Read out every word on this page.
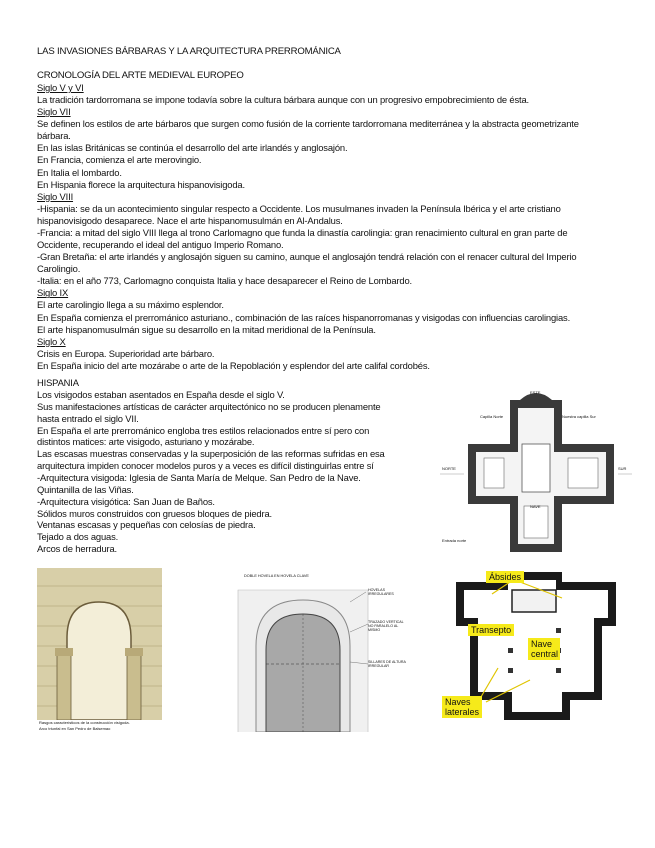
LAS INVASIONES BÁRBARAS Y LA ARQUITECTURA PRERROMÁNICA
CRONOLOGÍA DEL ARTE MEDIEVAL EUROPEO
Siglo V y VI
La tradición tardorromana se impone todavía sobre la cultura bárbara aunque con un progresivo empobrecimiento de ésta.
Siglo VII
Se definen los estilos de arte bárbaros que surgen como fusión de la corriente tardorromana mediterránea y la abstracta geometrizante
bárbara.
En las islas Británicas se continúa el desarrollo del arte irlandés y anglosajón.
En Francia, comienza el arte merovingio.
En Italia el lombardo.
En Hispania florece la arquitectura hispanovisigoda.
Siglo VIII
-Hispania: se da un acontecimiento singular respecto a Occidente. Los musulmanes invaden la Península Ibérica y el arte cristiano
hispanovisigodo desaparece. Nace el arte hispanomusulmán en Al-Andalus.
-Francia: a mitad del siglo VIII llega al trono Carlomagno que funda la dinastía carolingia: gran renacimiento cultural en gran parte de
Occidente, recuperando el ideal del antiguo Imperio Romano.
-Gran Bretaña: el arte irlandés y anglosajón siguen su camino, aunque el anglosajón tendrá relación con el renacer cultural del Imperio
Carolingio.
-Italia: en el año 773, Carlomagno conquista Italia y hace desaparecer el Reino de Lombardo.
Siglo IX
El arte carolingio llega a su máximo esplendor.
En España comienza el prerrománico asturiano., combinación de las raíces hispanorromanas y visigodas con influencias carolingias.
El arte hispanomusulmán sigue su desarrollo en la mitad meridional de la Península.
Siglo X
Crisis en Europa. Superioridad arte bárbaro.
En España inicio del arte mozárabe o arte de la Repoblación y esplendor del arte califal cordobés.
HISPANIA
Los visigodos estaban asentados en España desde el siglo V.
Sus manifestaciones artísticas de carácter arquitectónico no se producen plenamente
hasta entrado el siglo VII.
En España el arte prerrománico engloba tres estilos relacionados entre sí pero con
distintos matices: arte visigodo, asturiano y mozárabe.
Las escasas muestras conservadas y la superposición de las reformas sufridas en esa
arquitectura impiden conocer modelos puros y a veces es difícil distinguirlas entre sí
-Arquitectura visigoda: Iglesia de Santa María de Melque. San Pedro de la Nave.
Quintanilla de las Viñas.
-Arquitectura visigótica: San Juan de Baños.
Sólidos muros construidos con gruesos bloques de piedra.
Ventanas escasas y pequeñas con celosías de piedra.
Tejado a dos aguas.
Arcos de herradura.
ESTE
NORTE	SUR
NAVE
Capilla Norte	Nuestra capilla Sur
Entrada norte
Rasgos característicos de la construcción visigoda.
Arco triunfal en San Pedro de Balsemao
DOBLE HOVELA EN HOVELA CLAVE
HOVELAS IRREGULARES
TRAZADO VERTICAL NO PARALELO AL MISMO
SILLARES DE ALTURA IRREGULAR
Ábsides
Transepto
Nave central
Naves laterales
